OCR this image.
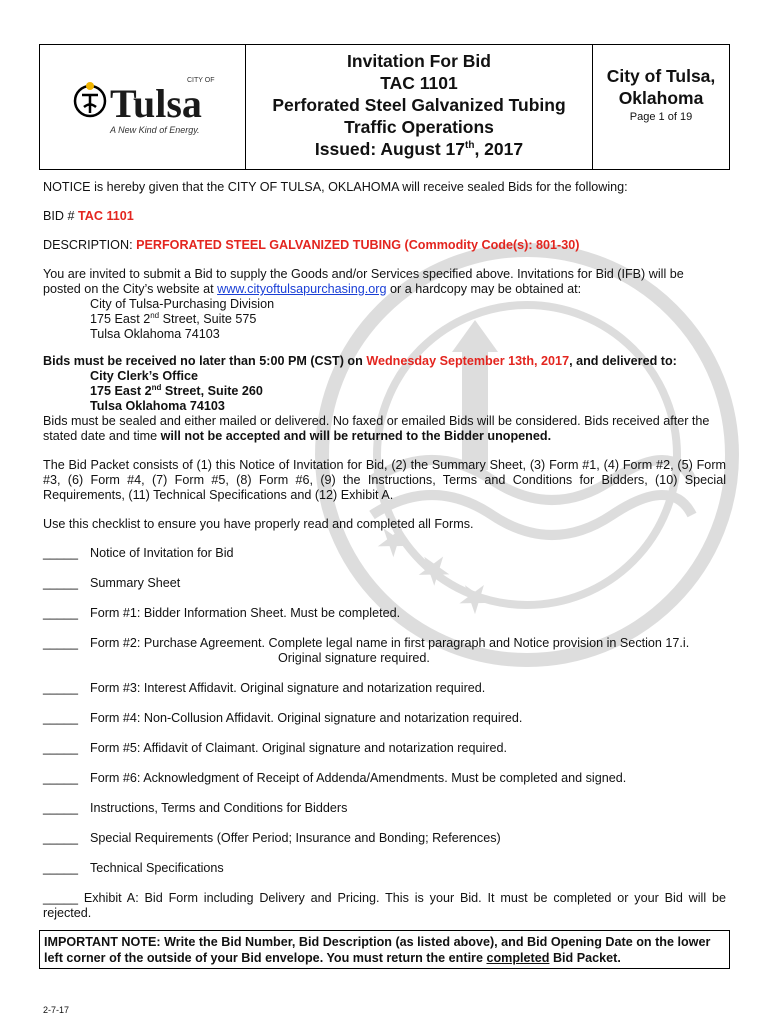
★ ★ ★
CITY OF
Tulsa
A New Kind of Energy.
Invitation For Bid
TAC 1101
Perforated Steel Galvanized Tubing
Traffic Operations
Issued: August 17th, 2017
City of Tulsa,
Oklahoma
Page 1 of 19

NOTICE is hereby given that the CITY OF TULSA, OKLAHOMA will receive sealed Bids for the following:

BID # TAC 1101

DESCRIPTION: PERFORATED STEEL GALVANIZED TUBING (Commodity Code(s): 801-30)

You are invited to submit a Bid to supply the Goods and/or Services specified above. Invitations for Bid (IFB) will be

posted on the City’s website at www.cityoftulsapurchasing.org or a hardcopy may be obtained at:

City of Tulsa-Purchasing Division

175 East 2nd Street, Suite 575

Tulsa Oklahoma 74103

Bids must be received no later than 5:00 PM (CST) on Wednesday September 13th, 2017, and delivered to:

City Clerk’s Office

175 East 2nd Street, Suite 260

Tulsa Oklahoma 74103

Bids must be sealed and either mailed or delivered. No faxed or emailed Bids will be considered. Bids received after the

stated date and time will not be accepted and will be returned to the Bidder unopened.

The Bid Packet consists of (1) this Notice of Invitation for Bid, (2) the Summary Sheet, (3) Form #1, (4) Form #2, (5) Form #3, (6) Form #4, (7) Form #5, (8) Form #6, (9) the Instructions, Terms and Conditions for Bidders, (10) Special Requirements, (11) Technical Specifications and (12) Exhibit A.

Use this checklist to ensure you have properly read and completed all Forms.

_____ Notice of Invitation for Bid
_____ Summary Sheet
_____ Form #1: Bidder Information Sheet. Must be completed.
_____ Form #2: Purchase Agreement. Complete legal name in first paragraph and Notice provision in Section 17.i.
Original signature required.
_____ Form #3: Interest Affidavit. Original signature and notarization required.
_____ Form #4: Non-Collusion Affidavit. Original signature and notarization required.
_____ Form #5: Affidavit of Claimant. Original signature and notarization required.
_____ Form #6: Acknowledgment of Receipt of Addenda/Amendments. Must be completed and signed.
_____ Instructions, Terms and Conditions for Bidders
_____ Special Requirements (Offer Period; Insurance and Bonding; References)
_____ Technical Specifications

_____ Exhibit A: Bid Form including Delivery and Pricing. This is your Bid. It must be completed or your Bid will be rejected.

IMPORTANT NOTE: Write the Bid Number, Bid Description (as listed above), and Bid Opening Date on the lower left corner of the outside of your Bid envelope. You must return the entire completed Bid Packet.
2-7-17
